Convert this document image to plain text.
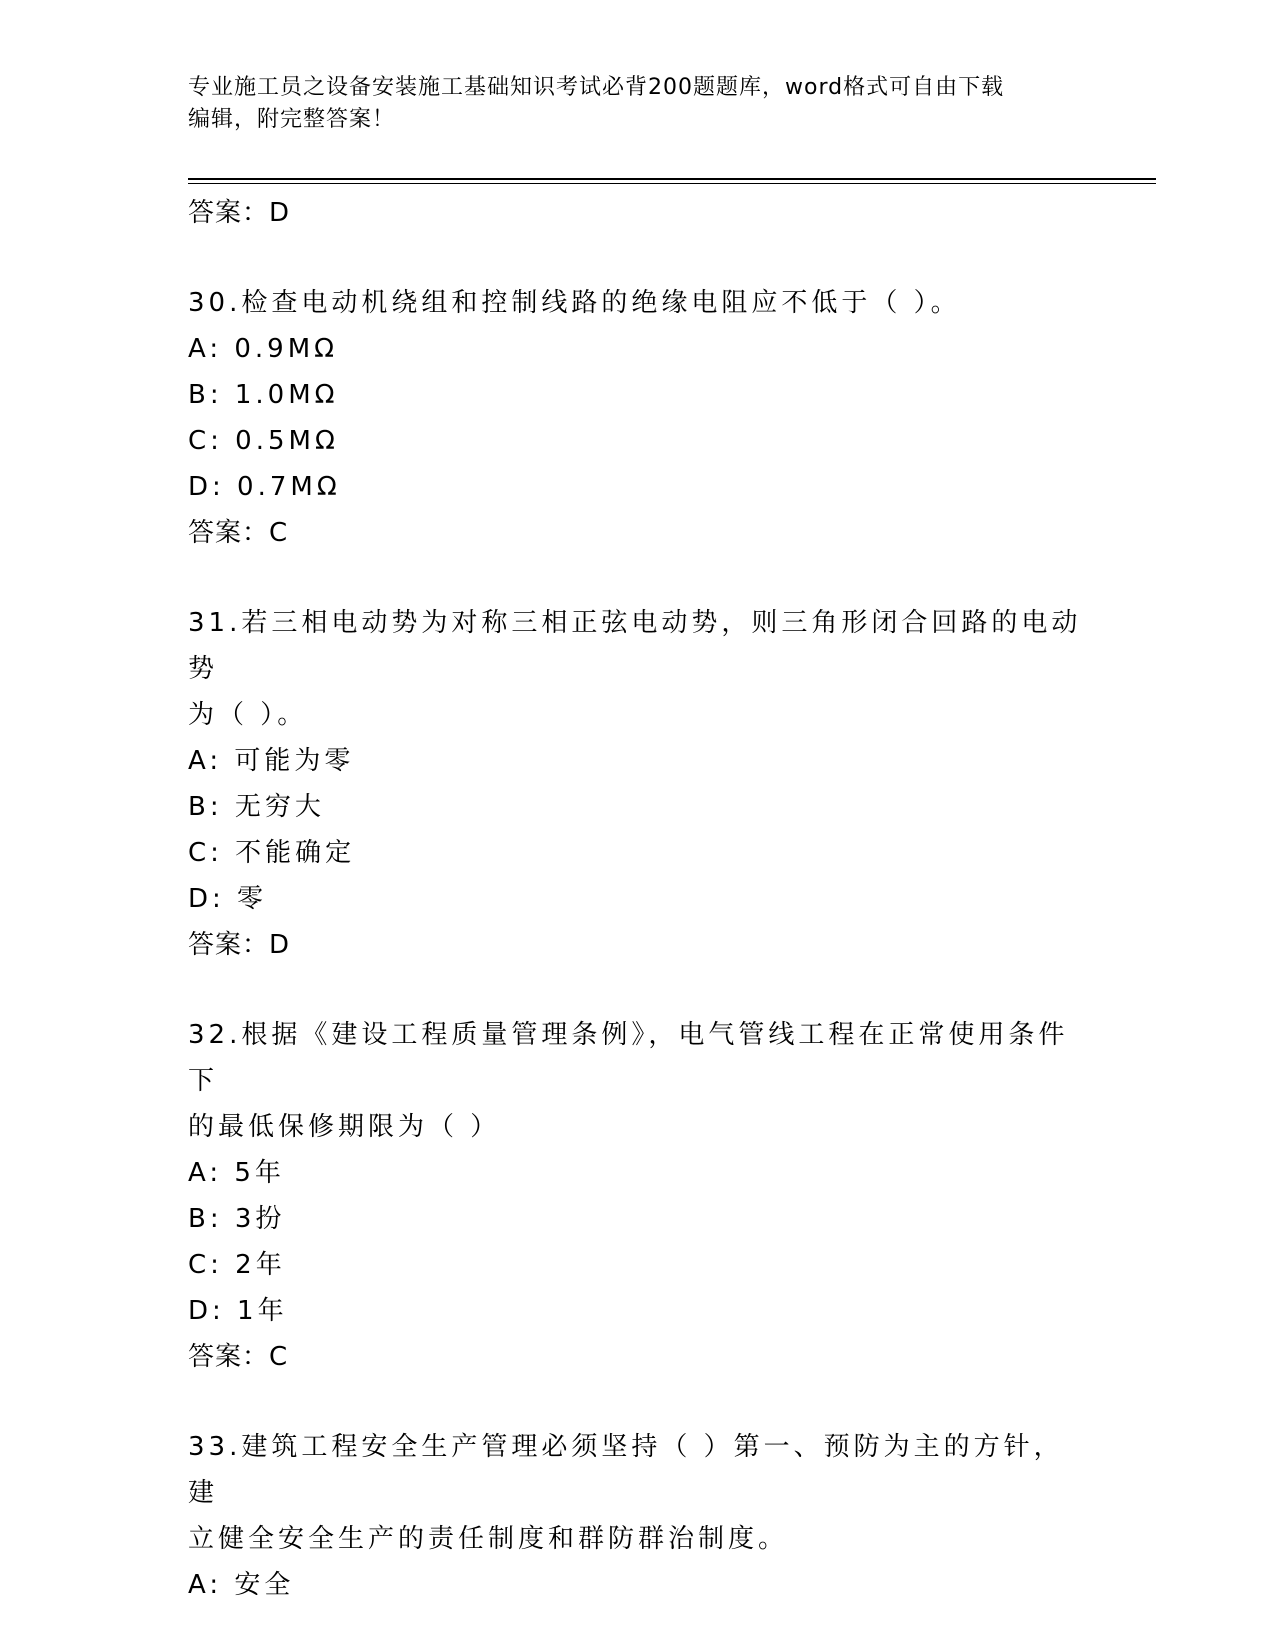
专业施工员之设备安装施工基础知识考试必背200题题库，word格式可自由下载
编辑，附完整答案！
答案：D
30.检查电动机绕组和控制线路的绝缘电阻应不低于（ ）。
A: 0.9MΩ
B: 1.0MΩ
C: 0.5MΩ
D: 0.7MΩ
答案：C
31.若三相电动势为对称三相正弦电动势，则三角形闭合回路的电动势
为（ ）。
A: 可能为零
B: 无穷大
C: 不能确定
D: 零
答案：D
32.根据《建设工程质量管理条例》，电气管线工程在正常使用条件下
的最低保修期限为（ ）
A: 5年
B: 3扮
C: 2年
D: 1年
答案：C
33.建筑工程安全生产管理必须坚持（ ）第一、预防为主的方针，建
立健全安全生产的责任制度和群防群治制度。
A: 安全
